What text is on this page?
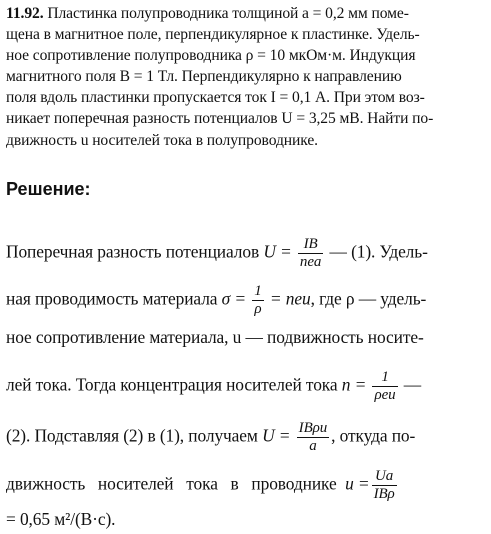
11.92. Пластинка полупроводника толщиной a = 0,2 мм поме-
щена в магнитное поле, перпендикулярное к пластинке. Удель-
ное сопротивление полупроводника ρ = 10 мкОм·м. Индукция
магнитного поля B = 1 Тл. Перпендикулярно к направлению
поля вдоль пластинки пропускается ток I = 0,1 А. При этом воз-
никает поперечная разность потенциалов U = 3,25 мВ. Найти по-
движность u носителей тока в полупроводнике.
Решение:
Поперечная разность потенциалов $U = \frac{IB}{\text{nea}}$ — (1). Удель-
ная проводимость материала $\sigma = \frac{1}{\rho}$ = neu, где ρ — удель-
ное сопротивление материала, u — подвижность носите-
лей тока. Тогда концентрация носителей тока $n = \frac{1}{\text{ρeu}}$ —
(2). Подставляя (2) в (1), получаем $U = \frac{\text{IBρu}}{a}$ , откуда по-
движность   носителей   тока   в   проводнике $u = \frac{Ua}{\text{IBρ}}$
= 0,65 м²/(В·с).
